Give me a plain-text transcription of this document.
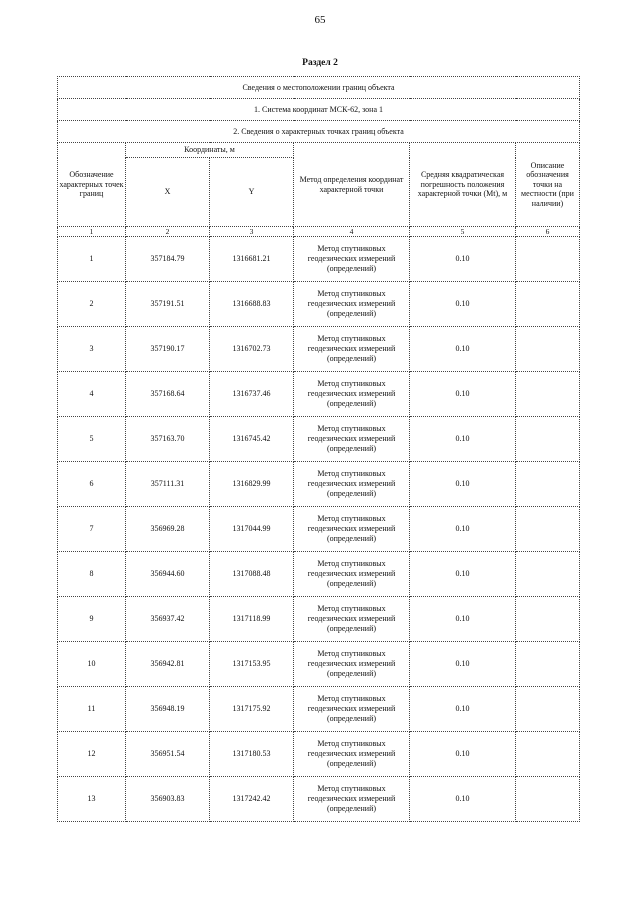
65
Раздел 2
Сведения о местоположении границ объекта					
1. Система координат МСК-62, зона 1					
2. Сведения о характерных точках границ объекта					
Обозначение характерных точек границ	Координаты, м		Метод определения координат характерной точки	Средняя квадратическая погрешность положения характерной точки (Mt), м	Описание обозначения точки на местности (при наличии)
	X	Y			
1	2	3	4	5	6
1	357184.79	1316681.21	Метод спутниковых
геодезических измерений
(определений)	0.10	
2	357191.51	1316688.83	Метод спутниковых
геодезических измерений
(определений)	0.10	
3	357190.17	1316702.73	Метод спутниковых
геодезических измерений
(определений)	0.10	
4	357168.64	1316737.46	Метод спутниковых
геодезических измерений
(определений)	0.10	
5	357163.70	1316745.42	Метод спутниковых
геодезических измерений
(определений)	0.10	
6	357111.31	1316829.99	Метод спутниковых
геодезических измерений
(определений)	0.10	
7	356969.28	1317044.99	Метод спутниковых
геодезических измерений
(определений)	0.10	
8	356944.60	1317088.48	Метод спутниковых
геодезических измерений
(определений)	0.10	
9	356937.42	1317118.99	Метод спутниковых
геодезических измерений
(определений)	0.10	
10	356942.81	1317153.95	Метод спутниковых
геодезических измерений
(определений)	0.10	
11	356948.19	1317175.92	Метод спутниковых
геодезических измерений
(определений)	0.10	
12	356951.54	1317180.53	Метод спутниковых
геодезических измерений
(определений)	0.10	
13	356903.83	1317242.42	Метод спутниковых
геодезических измерений
(определений)	0.10	
